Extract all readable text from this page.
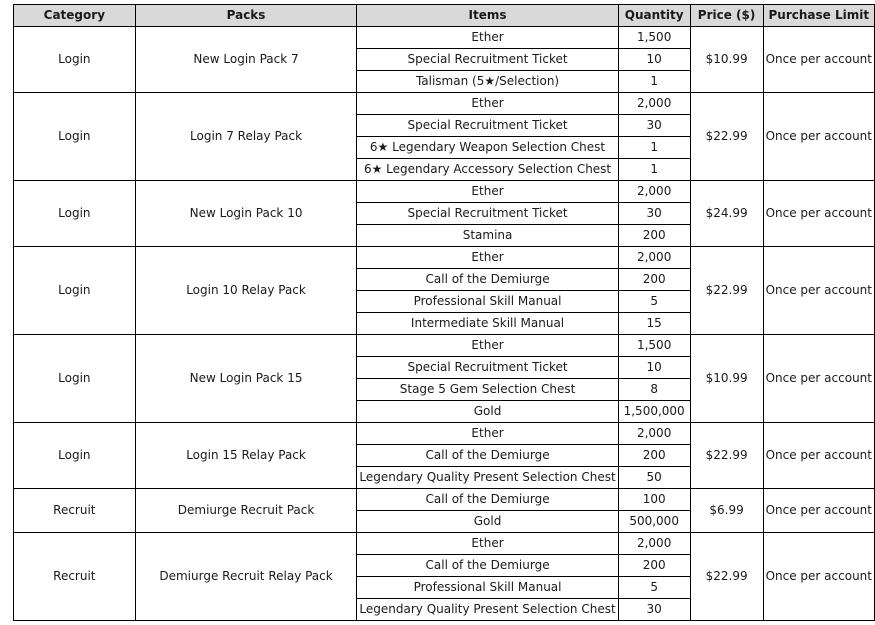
Category	Packs	Items	Quantity	Price ($)	Purchase Limit
Login	New Login Pack 7	Ether	1,500	$10.99	Once per account
		Special Recruitment Ticket	10		
		Talisman (5★/Selection)	1		
Login	Login 7 Relay Pack	Ether	2,000	$22.99	Once per account
		Special Recruitment Ticket	30		
		6★ Legendary Weapon Selection Chest	1		
		6★ Legendary Accessory Selection Chest	1		
Login	New Login Pack 10	Ether	2,000	$24.99	Once per account
		Special Recruitment Ticket	30		
		Stamina	200		
Login	Login 10 Relay Pack	Ether	2,000	$22.99	Once per account
		Call of the Demiurge	200		
		Professional Skill Manual	5		
		Intermediate Skill Manual	15		
Login	New Login Pack 15	Ether	1,500	$10.99	Once per account
		Special Recruitment Ticket	10		
		Stage 5 Gem Selection Chest	8		
		Gold	1,500,000		
Login	Login 15 Relay Pack	Ether	2,000	$22.99	Once per account
		Call of the Demiurge	200		
		Legendary Quality Present Selection Chest	50		
Recruit	Demiurge Recruit Pack	Call of the Demiurge	100	$6.99	Once per account
		Gold	500,000		
Recruit	Demiurge Recruit Relay Pack	Ether	2,000	$22.99	Once per account
		Call of the Demiurge	200		
		Professional Skill Manual	5		
		Legendary Quality Present Selection Chest	30		
